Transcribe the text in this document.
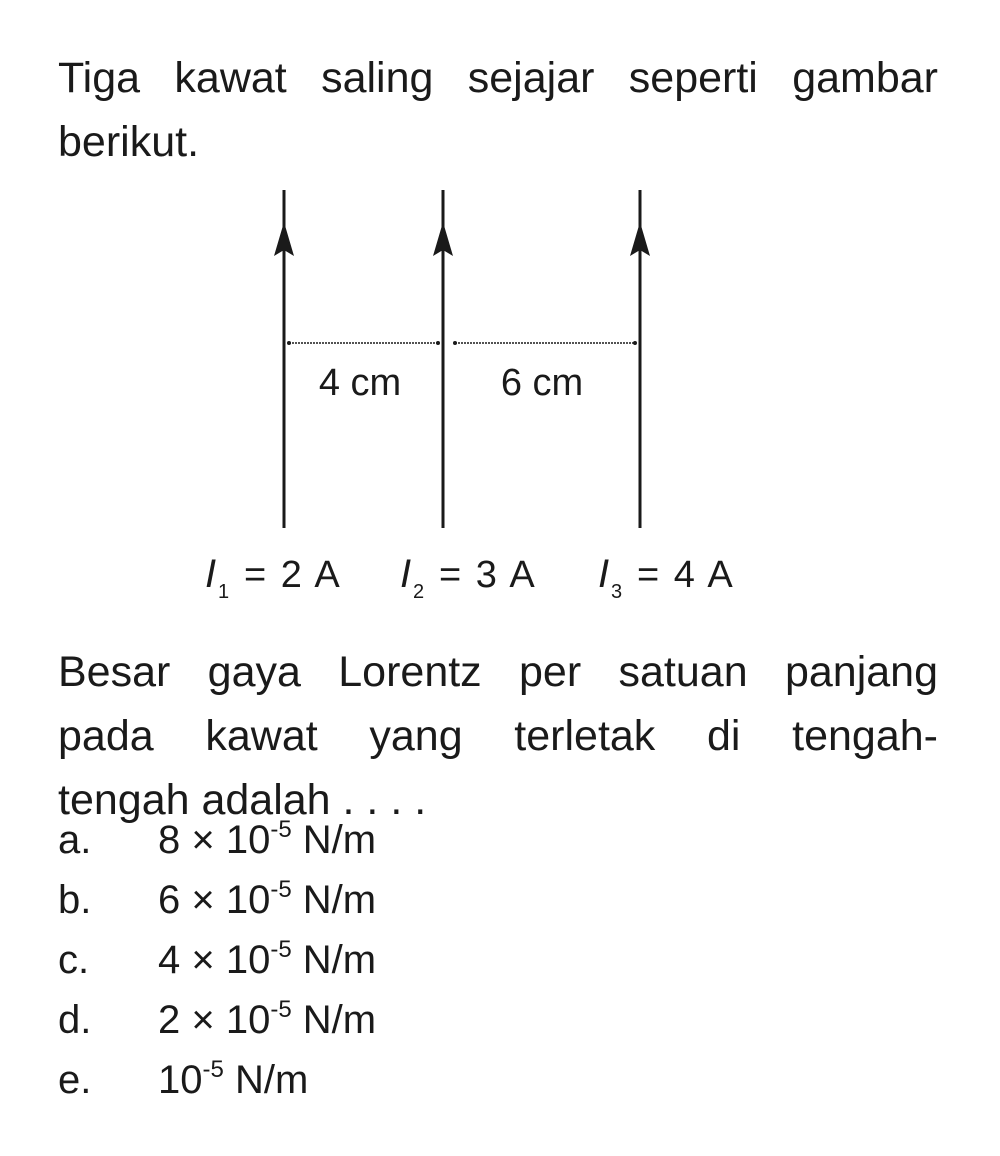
Tiga kawat saling sejajar seperti gambar
berikut.

4 cm	6 cm
I 1 = 2 A I 2 = 3 A I 3 = 4 A

Besar gaya Lorentz per satuan panjang
pada kawat yang terletak di tengah-
tengah adalah . . . .

a. $8 \times 10^{-5}$ N/m
b. $6 \times 10^{-5}$ N/m
c. $4 \times 10^{-5}$ N/m
d. $2 \times 10^{-5}$ N/m
e. $10^{-5}$ N/m
